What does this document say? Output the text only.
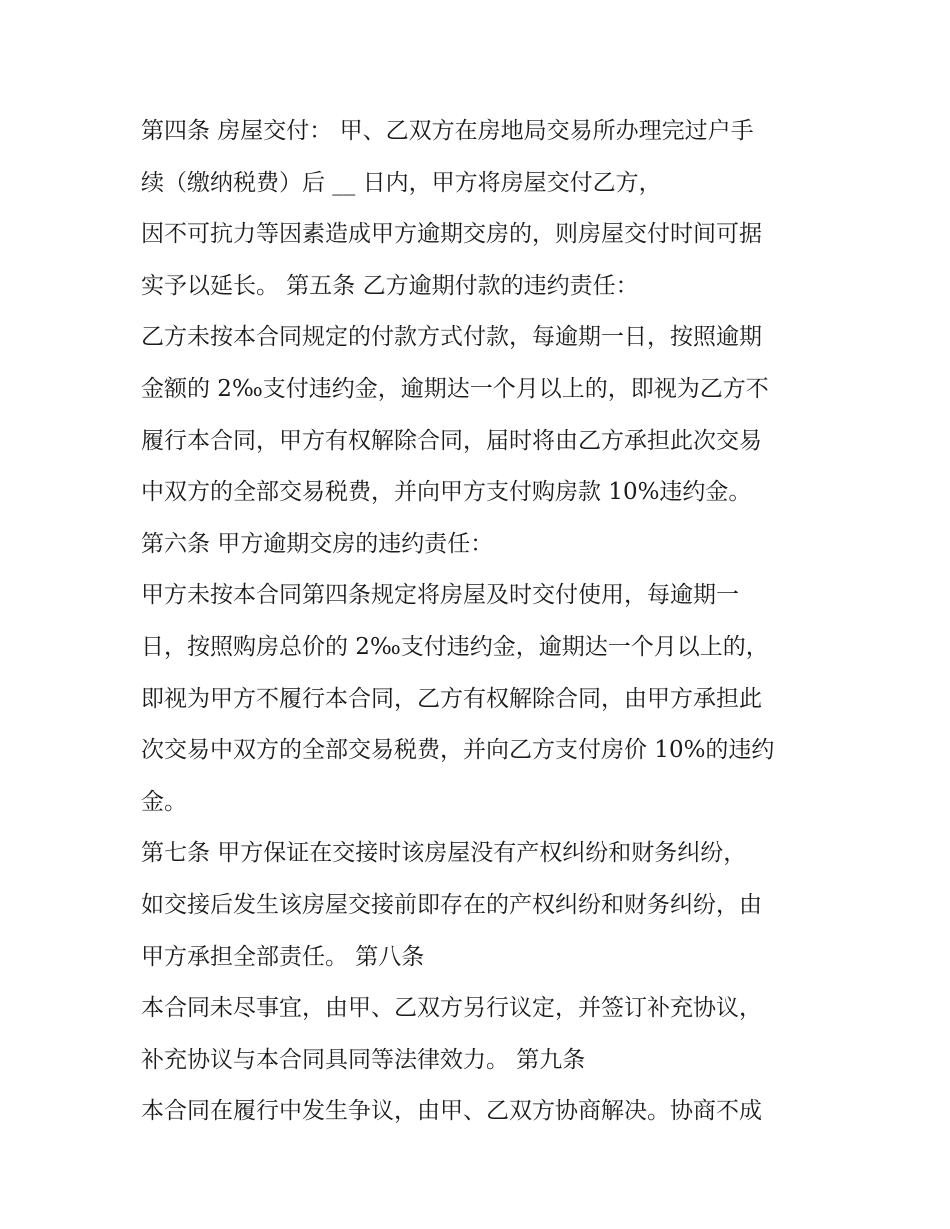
第四条 房屋交付： 甲、乙双方在房地局交易所办理完过户手
续（缴纳税费）后 __ 日内，甲方将房屋交付乙方，
因不可抗力等因素造成甲方逾期交房的，则房屋交付时间可据
实予以延长。 第五条 乙方逾期付款的违约责任：
乙方未按本合同规定的付款方式付款，每逾期一日，按照逾期
金额的 2‰支付违约金，逾期达一个月以上的，即视为乙方不
履行本合同，甲方有权解除合同，届时将由乙方承担此次交易
中双方的全部交易税费，并向甲方支付购房款 10%违约金。
第六条 甲方逾期交房的违约责任：
甲方未按本合同第四条规定将房屋及时交付使用，每逾期一
日，按照购房总价的 2‰支付违约金，逾期达一个月以上的，
即视为甲方不履行本合同，乙方有权解除合同，由甲方承担此
次交易中双方的全部交易税费，并向乙方支付房价 10%的违约
金。
第七条 甲方保证在交接时该房屋没有产权纠纷和财务纠纷，
如交接后发生该房屋交接前即存在的产权纠纷和财务纠纷，由
甲方承担全部责任。 第八条
本合同未尽事宜，由甲、乙双方另行议定，并签订补充协议，
补充协议与本合同具同等法律效力。 第九条
本合同在履行中发生争议，由甲、乙双方协商解决。协商不成
